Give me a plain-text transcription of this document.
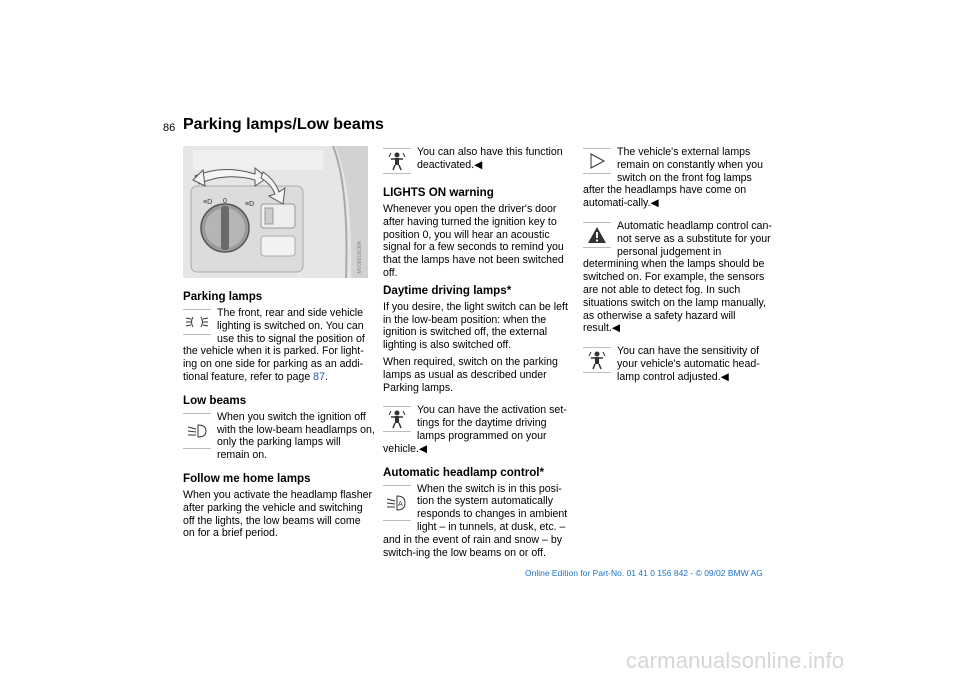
86 Parking lamps/Low beams
≡D 0	≡D
MV09619CMA
Parking lamps

The front, rear and side vehicle lighting is switched on. You can use this to signal the position of the vehicle when it is parked. For light-ing on one side for parking as an addi-tional feature, refer to page 87.

Low beams

When you switch the ignition off with the low-beam headlamps on, only the parking lamps will remain on.

Follow me home lamps

When you activate the headlamp flasher after parking the vehicle and switching off the lights, the low beams will come on for a brief period.

You can also have this function deactivated.◀

LIGHTS ON warning

Whenever you open the driver's door after having turned the ignition key to position 0, you will hear an acoustic signal for a few seconds to remind you that the lamps have not been switched off.

Daytime driving lamps*

If you desire, the light switch can be left in the low-beam position: when the ignition is switched off, the external lighting is also switched off.

When required, switch on the parking lamps as usual as described under Parking lamps.

You can have the activation set-tings for the daytime driving lamps programmed on your vehicle.◀

Automatic headlamp control*
A

When the switch is in this posi-tion the system automatically responds to changes in ambient light – in tunnels, at dusk, etc. – and in the event of rain and snow – by switch-ing the low beams on or off.

The vehicle's external lamps remain on constantly when you switch on the front fog lamps after the headlamps have come on automati-cally.◀

Automatic headlamp control can-not serve as a substitute for your personal judgement in determining when the lamps should be switched on. For example, the sensors are not able to detect fog. In such situations switch on the lamp manually, as otherwise a safety hazard will result.◀

You can have the sensitivity of your vehicle's automatic head-lamp control adjusted.◀

Online Edition for Part-No. 01 41 0 156 842 - © 09/02 BMW AG
carmanualsonline.info
